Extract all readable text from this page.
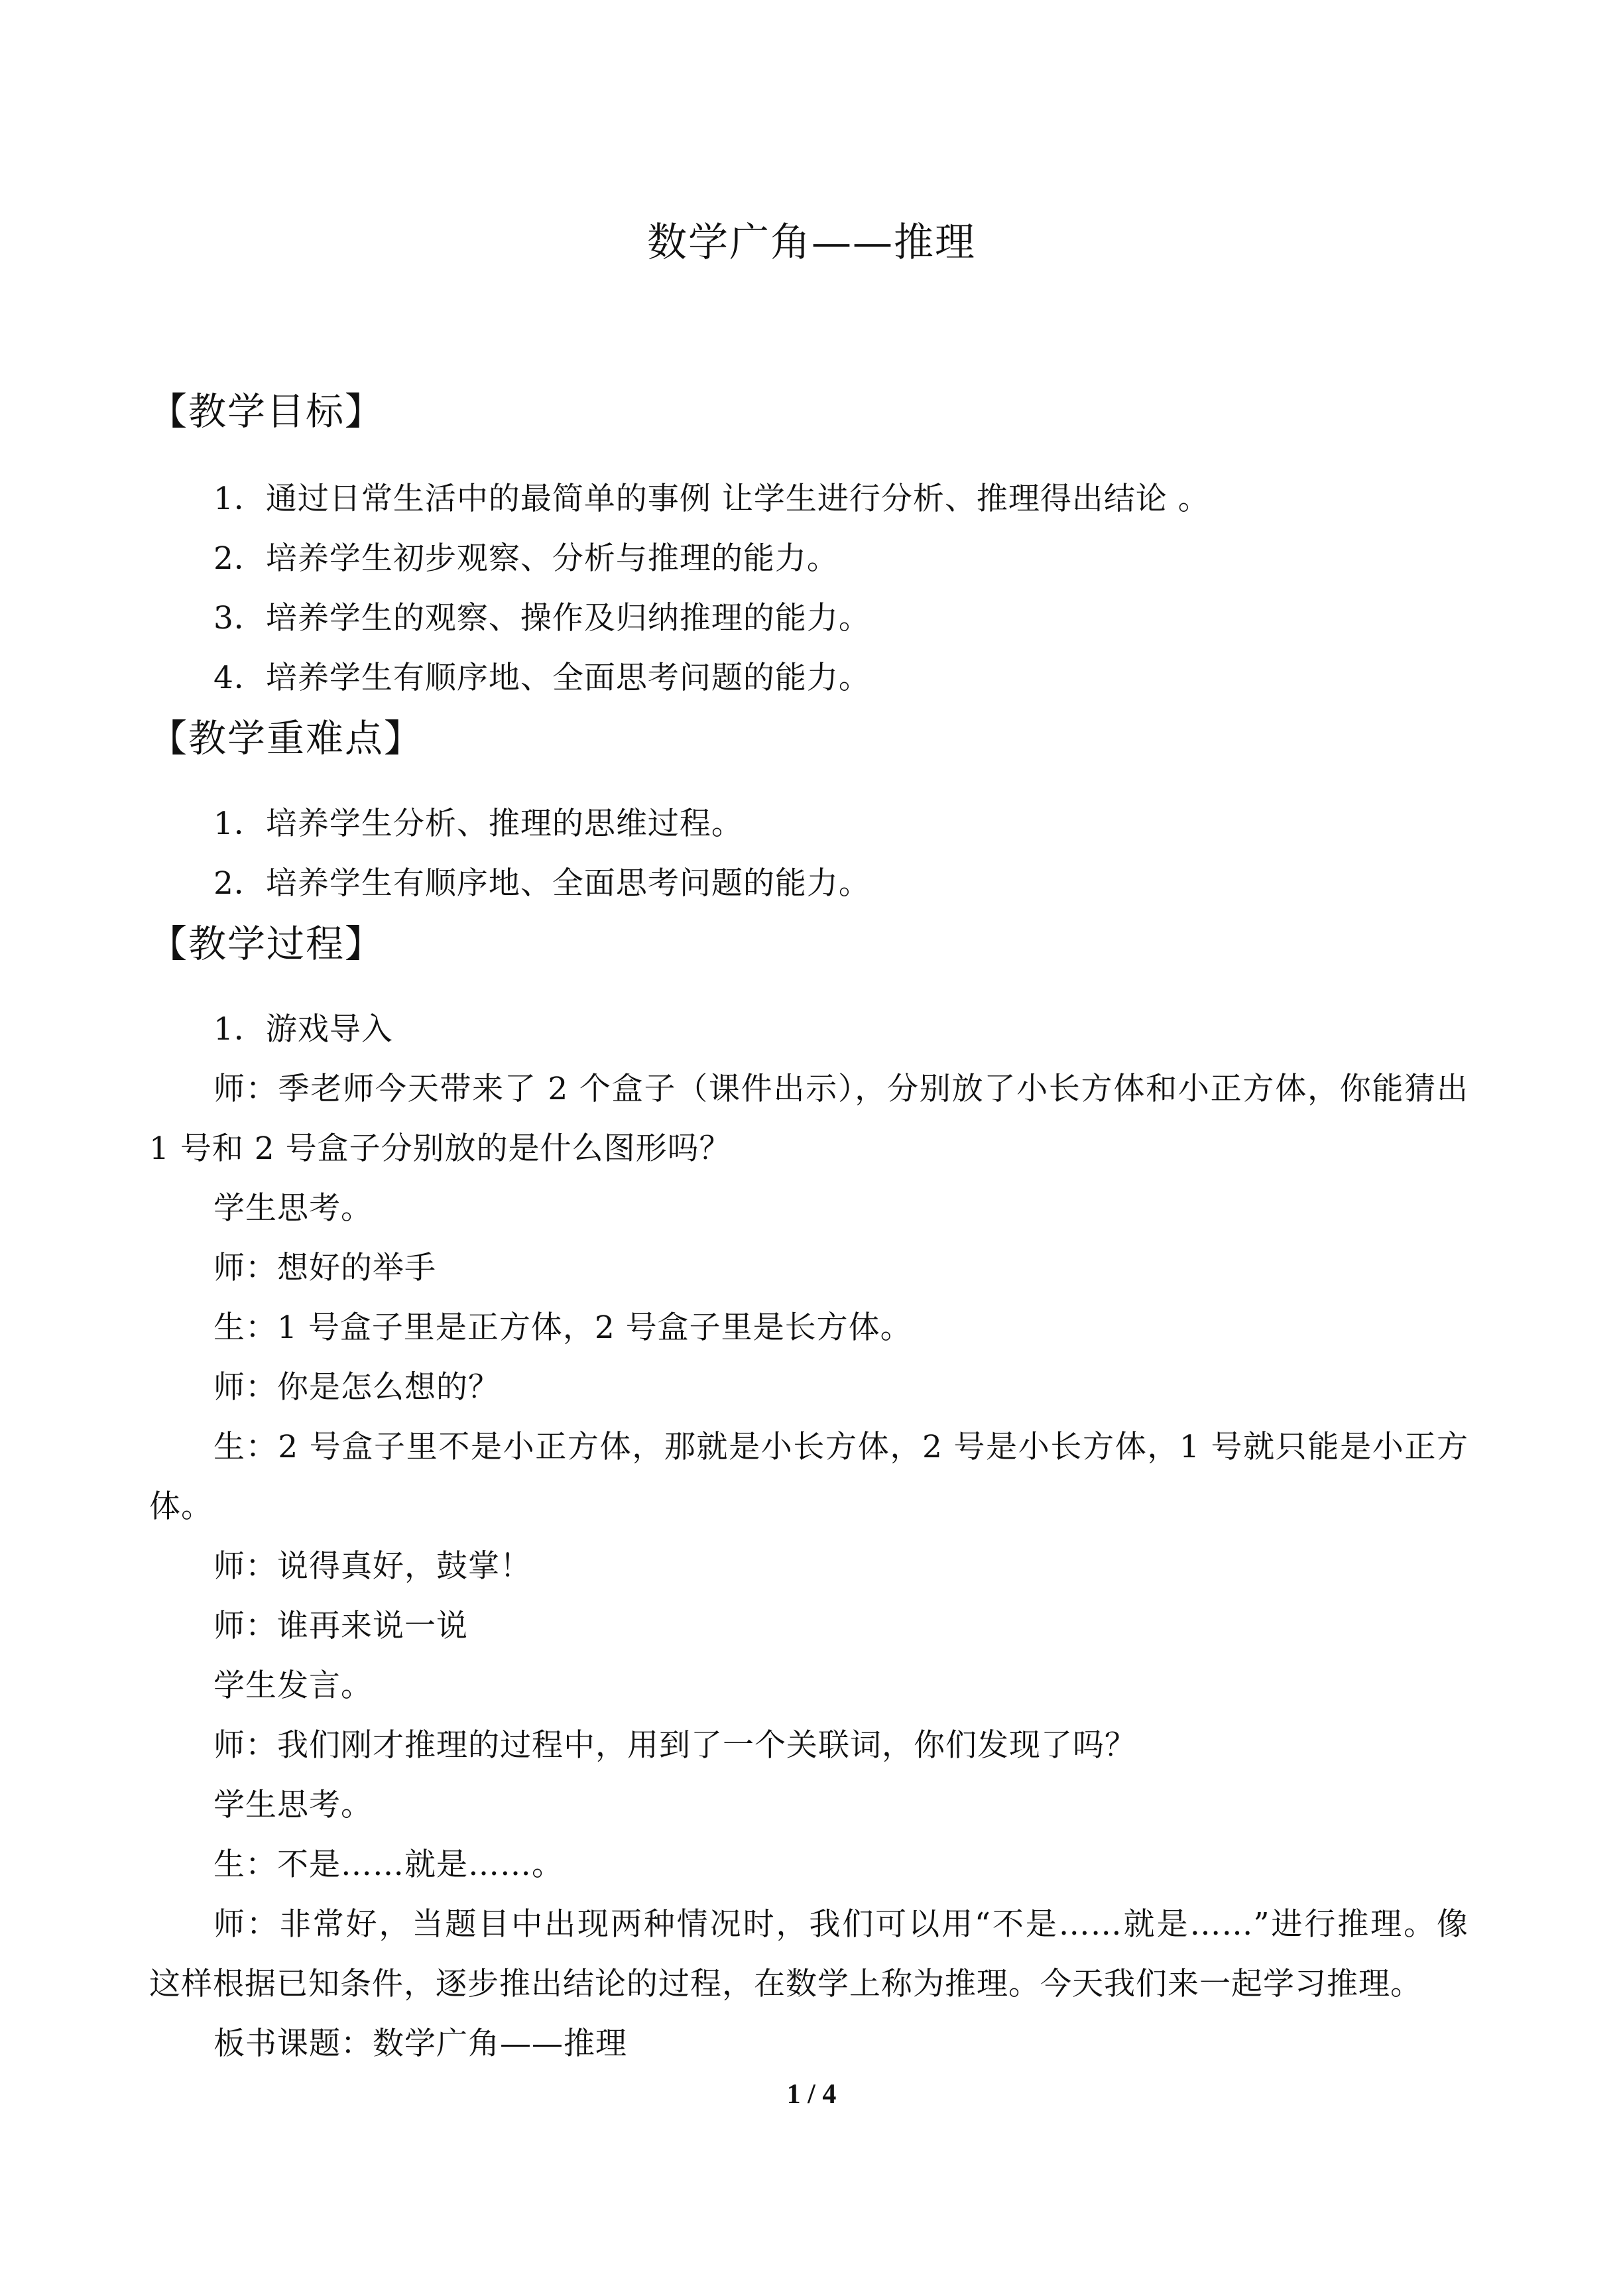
数学广角——推理
【教学目标】
1．通过日常生活中的最简单的事例 让学生进行分析、推理得出结论 。
2．培养学生初步观察、分析与推理的能力。
3．培养学生的观察、操作及归纳推理的能力。
4．培养学生有顺序地、全面思考问题的能力。
【教学重难点】
1．培养学生分析、推理的思维过程。
2．培养学生有顺序地、全面思考问题的能力。
【教学过程】
1．游戏导入
师：季老师今天带来了 2 个盒子（课件出示），分别放了小长方体和小正方体，你能猜出
1 号和 2 号盒子分别放的是什么图形吗？
学生思考。
师：想好的举手
生：1 号盒子里是正方体，2 号盒子里是长方体。
师：你是怎么想的？
生：2 号盒子里不是小正方体，那就是小长方体，2 号是小长方体，1 号就只能是小正方
体。
师：说得真好，鼓掌！
师：谁再来说一说
学生发言。
师：我们刚才推理的过程中，用到了一个关联词，你们发现了吗？
学生思考。
生：不是……就是……。
师：非常好，当题目中出现两种情况时，我们可以用“不是……就是……”进行推理。像
这样根据已知条件，逐步推出结论的过程，在数学上称为推理。今天我们来一起学习推理。
板书课题：数学广角——推理
1 / 4
